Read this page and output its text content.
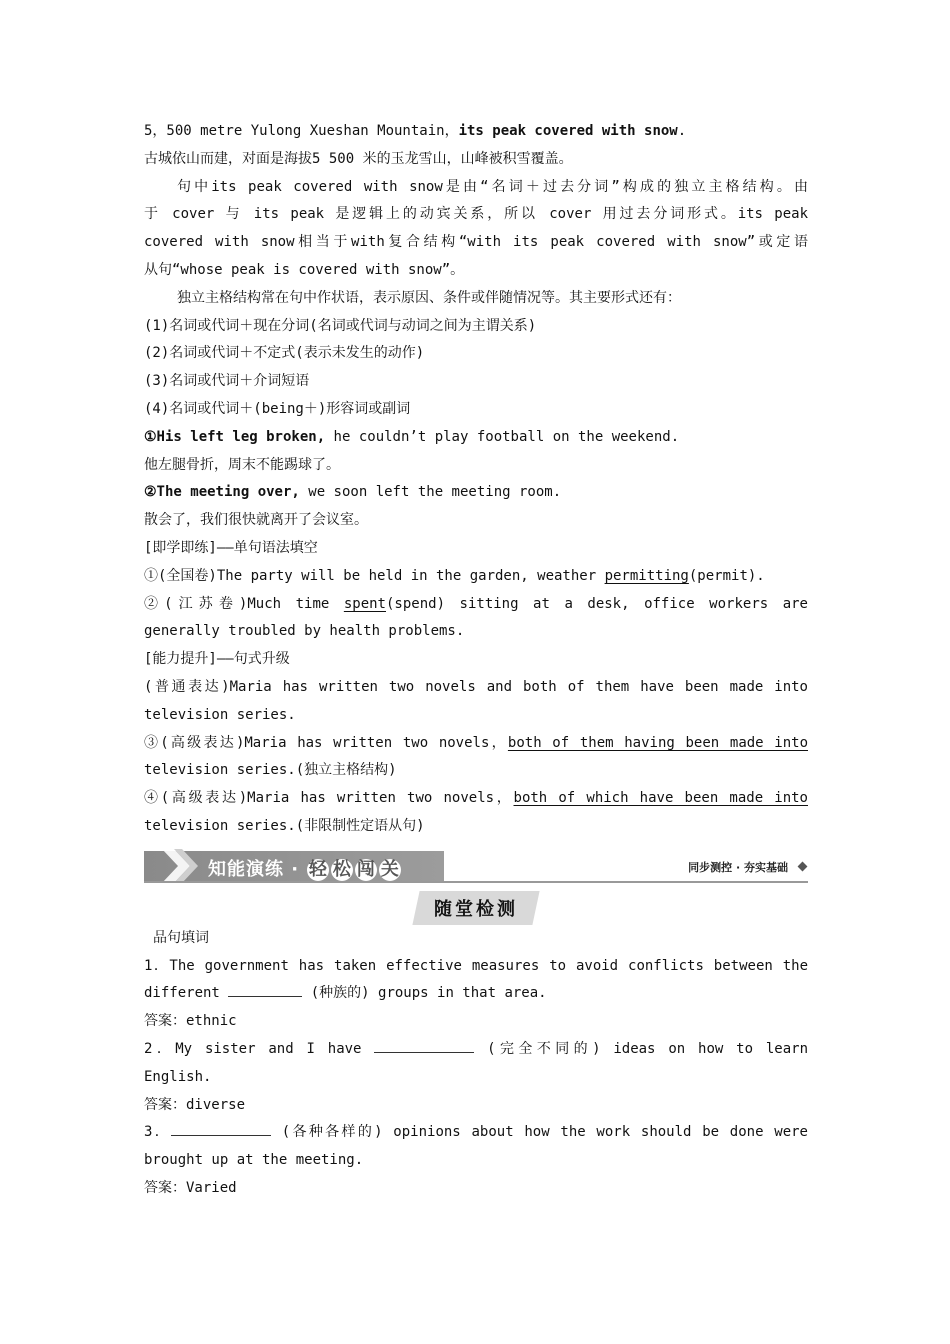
5，500 metre Yulong Xueshan Mountain，its peak covered with snow.
古城依山而建，对面是海拔5 500 米的玉龙雪山，山峰被积雪覆盖。
句中its peak covered with snow是由“名词＋过去分词”构成的独立主格结构。由
于 cover 与 its peak 是逻辑上的动宾关系，所以 cover 用过去分词形式。its peak
covered with snow相当于with复合结构“with its peak covered with snow”或定语
从句“whose peak is covered with snow”。
独立主格结构常在句中作状语，表示原因、条件或伴随情况等。其主要形式还有：
(1)名词或代词＋现在分词(名词或代词与动词之间为主谓关系)
(2)名词或代词＋不定式(表示未发生的动作)
(3)名词或代词＋介词短语
(4)名词或代词＋(being＋)形容词或副词
①His left leg broken, he couldn’t play football on the weekend.
他左腿骨折，周末不能踢球了。
②The meeting over, we soon left the meeting room.
散会了，我们很快就离开了会议室。
[即学即练]——单句语法填空
①(全国卷)The party will be held in the garden, weather permitting(permit).
②(江苏卷)Much time spent(spend) sitting at a desk, office workers are
generally troubled by health problems.
[能力提升]——句式升级
(普通表达)Maria has written two novels and both of them have been made into
television series.
③(高级表达)Maria has written two novels，both of them having been made into
television series.(独立主格结构)
④(高级表达)Maria has written two novels，both of which have been made into
television series.(非限制性定语从句)
知能演练 · 轻 松 闯 关	同步测控 · 夯实基础
随堂检测
品句填词
1．The government has taken effective measures to avoid conflicts between the
different	(种族的) groups in that area.
答案：ethnic
2．My sister and I have	(完全不同的) ideas on how to learn
English.
答案：diverse
3．	(各种各样的) opinions about how the work should be done were
brought up at the meeting.
答案：Varied
